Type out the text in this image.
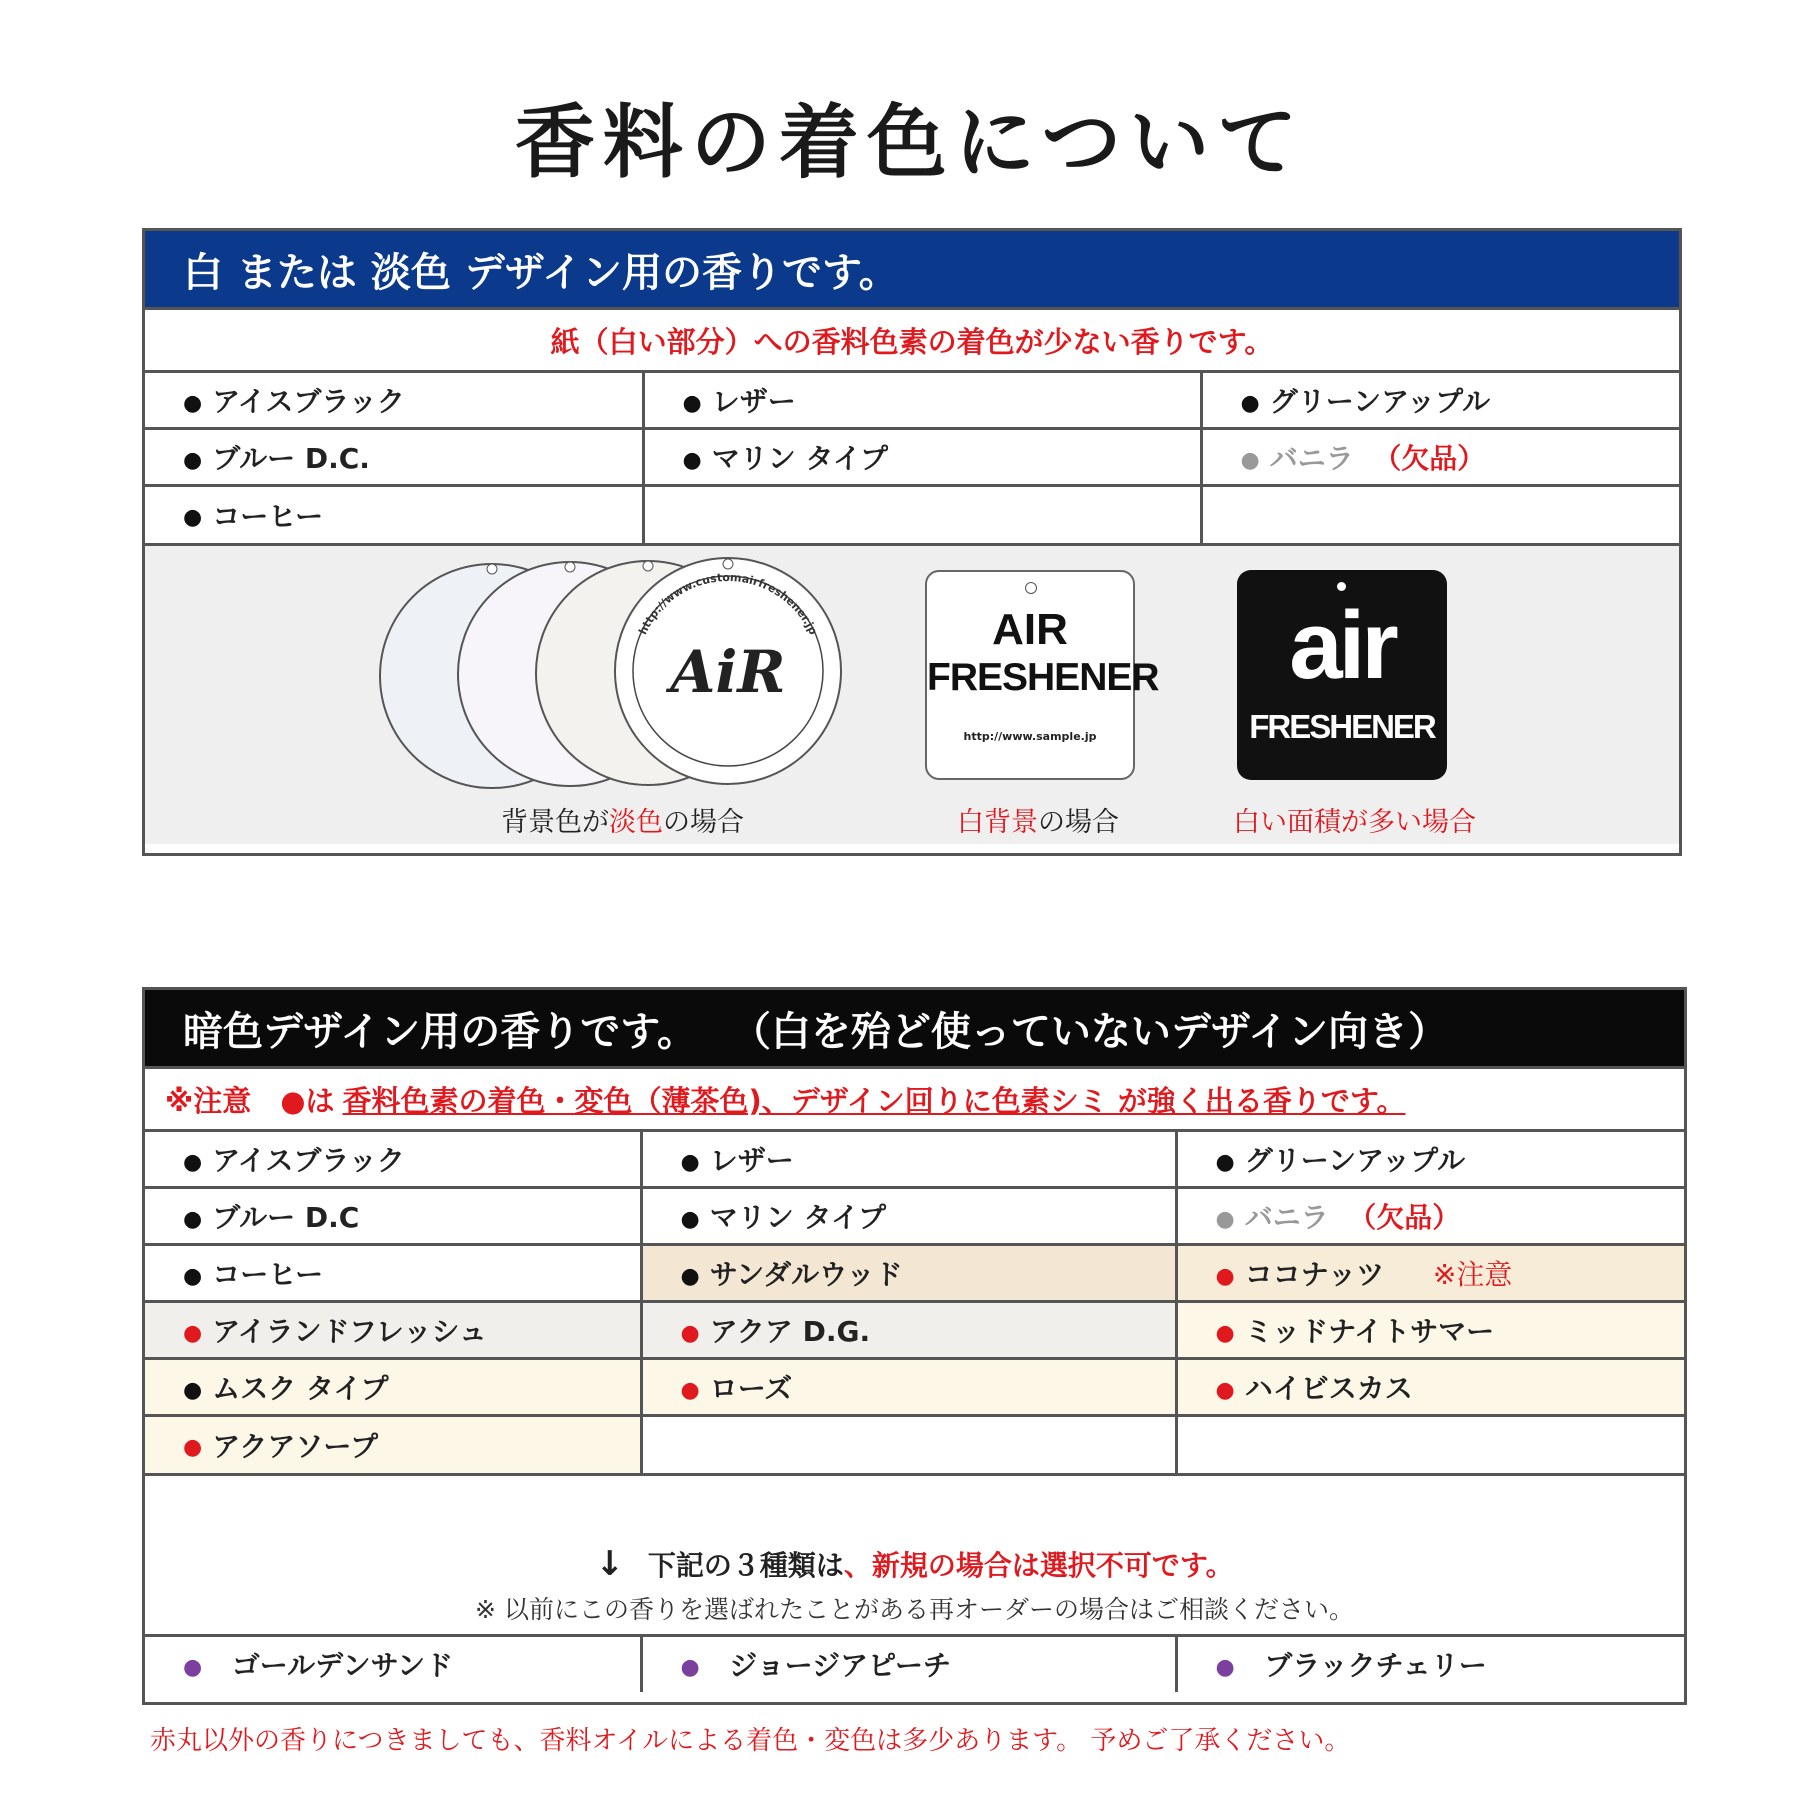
香料の着色について
白 または 淡色 デザイン用の香りです。
紙（白い部分）への香料色素の着色が少ない香りです。
● アイスブラック	● レザー	● グリーンアップル
● ブルー D.C.	● マリン タイプ	● バニラ （欠品）
● コーヒー		
AiR
http://www.customairfreshener.jp
背景色が淡色の場合
AIR
FRESHENER
http://www.sample.jp
白背景の場合
air
FRESHENER
白い面積が多い場合
暗色デザイン用の香りです。　 （白を殆ど使っていないデザイン向き）
※注意　●は 香料色素の着色・変色（薄茶色)、デザイン回りに色素シミ が強く出る香りです。
● アイスブラック	● レザー	● グリーンアップル
● ブルー D.C	● マリン タイプ	● バニラ （欠品）
● コーヒー	● サンダルウッド	● ココナッツ ※注意
● アイランドフレッシュ	● アクア D.G.	● ミッドナイトサマー
● ムスク タイプ	● ローズ	● ハイビスカス
● アクアソープ		
↓ 下記の３種類は、新規の場合は選択不可です。
※ 以前にこの香りを選ばれたことがある再オーダーの場合はご相談ください。
● ゴールデンサンド	● ジョージアピーチ	● ブラックチェリー
赤丸以外の香りにつきましても、香料オイルによる着色・変色は多少あります。 予めご了承ください。
